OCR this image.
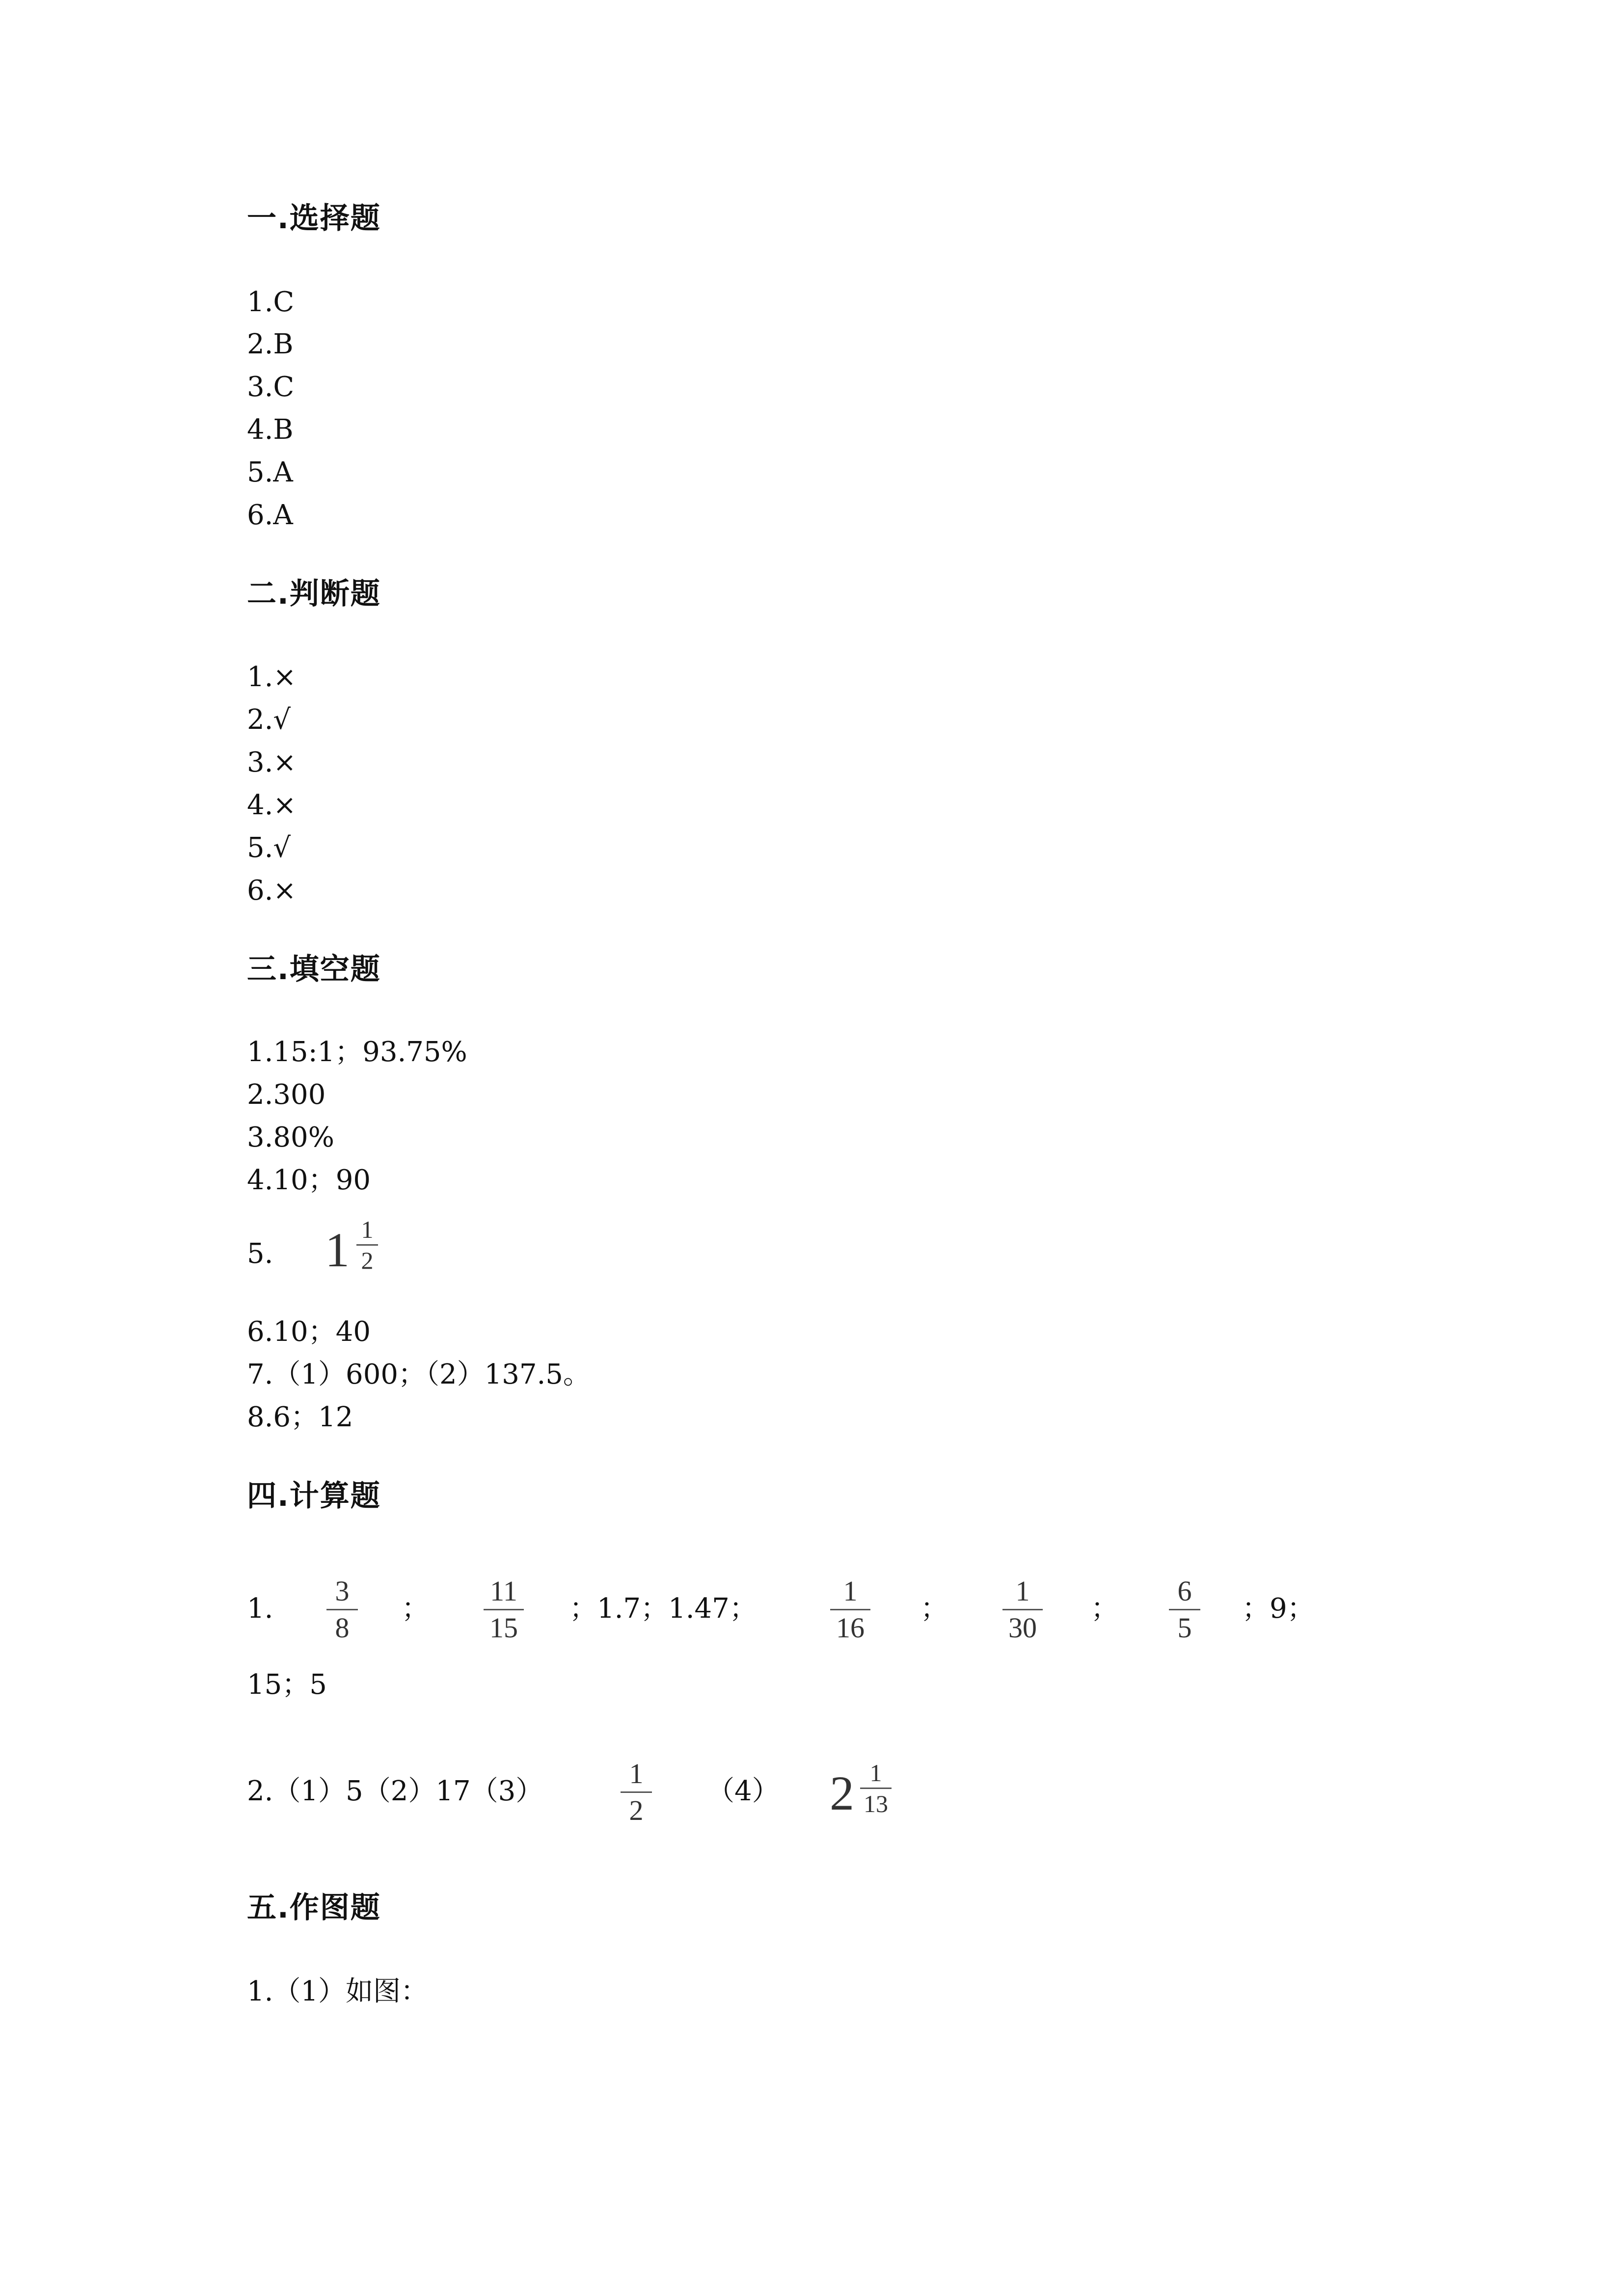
一.选择题
1.C
2.B
3.C
4.B
5.A
6.A
二.判断题
1.×
2.√
3.×
4.×
5.√
6.×
三.填空题
1.15:1；93.75%
2.300
3.80%
4.10；90
5. 1 1
2
6.10；40
7.（1）600；（2）137.5。
8.6；12
四.计算题
1.
3
8
；
11
15
；1.7；1.47；
1
16
；
1
30
；
6
5
；9；
15；5
2.（1）5（2）17（3）
1
2
（4） 2 1
13
五.作图题
1.（1）如图：
